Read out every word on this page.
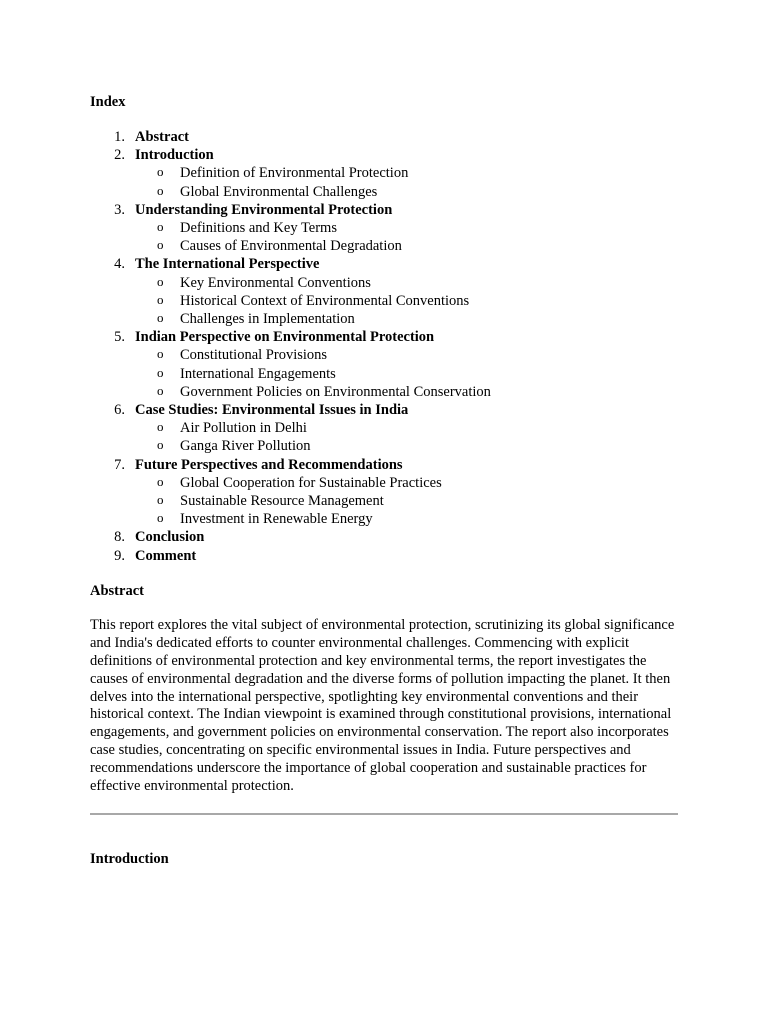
Index

1. Abstract
2. Introduction
o Definition of Environmental Protection
o Global Environmental Challenges
3. Understanding Environmental Protection
o Definitions and Key Terms
o Causes of Environmental Degradation
4. The International Perspective
o Key Environmental Conventions
o Historical Context of Environmental Conventions
o Challenges in Implementation
5. Indian Perspective on Environmental Protection
o Constitutional Provisions
o International Engagements
o Government Policies on Environmental Conservation
6. Case Studies: Environmental Issues in India
o Air Pollution in Delhi
o Ganga River Pollution
7. Future Perspectives and Recommendations
o Global Cooperation for Sustainable Practices
o Sustainable Resource Management
o Investment in Renewable Energy
8. Conclusion
9. Comment

Abstract

This report explores the vital subject of environmental protection, scrutinizing its global significance and India's dedicated efforts to counter environmental challenges. Commencing with explicit definitions of environmental protection and key environmental terms, the report investigates the causes of environmental degradation and the diverse forms of pollution impacting the planet. It then delves into the international perspective, spotlighting key environmental conventions and their historical context. The Indian viewpoint is examined through constitutional provisions, international engagements, and government policies on environmental conservation. The report also incorporates case studies, concentrating on specific environmental issues in India. Future perspectives and recommendations underscore the importance of global cooperation and sustainable practices for effective environmental protection.

Introduction
